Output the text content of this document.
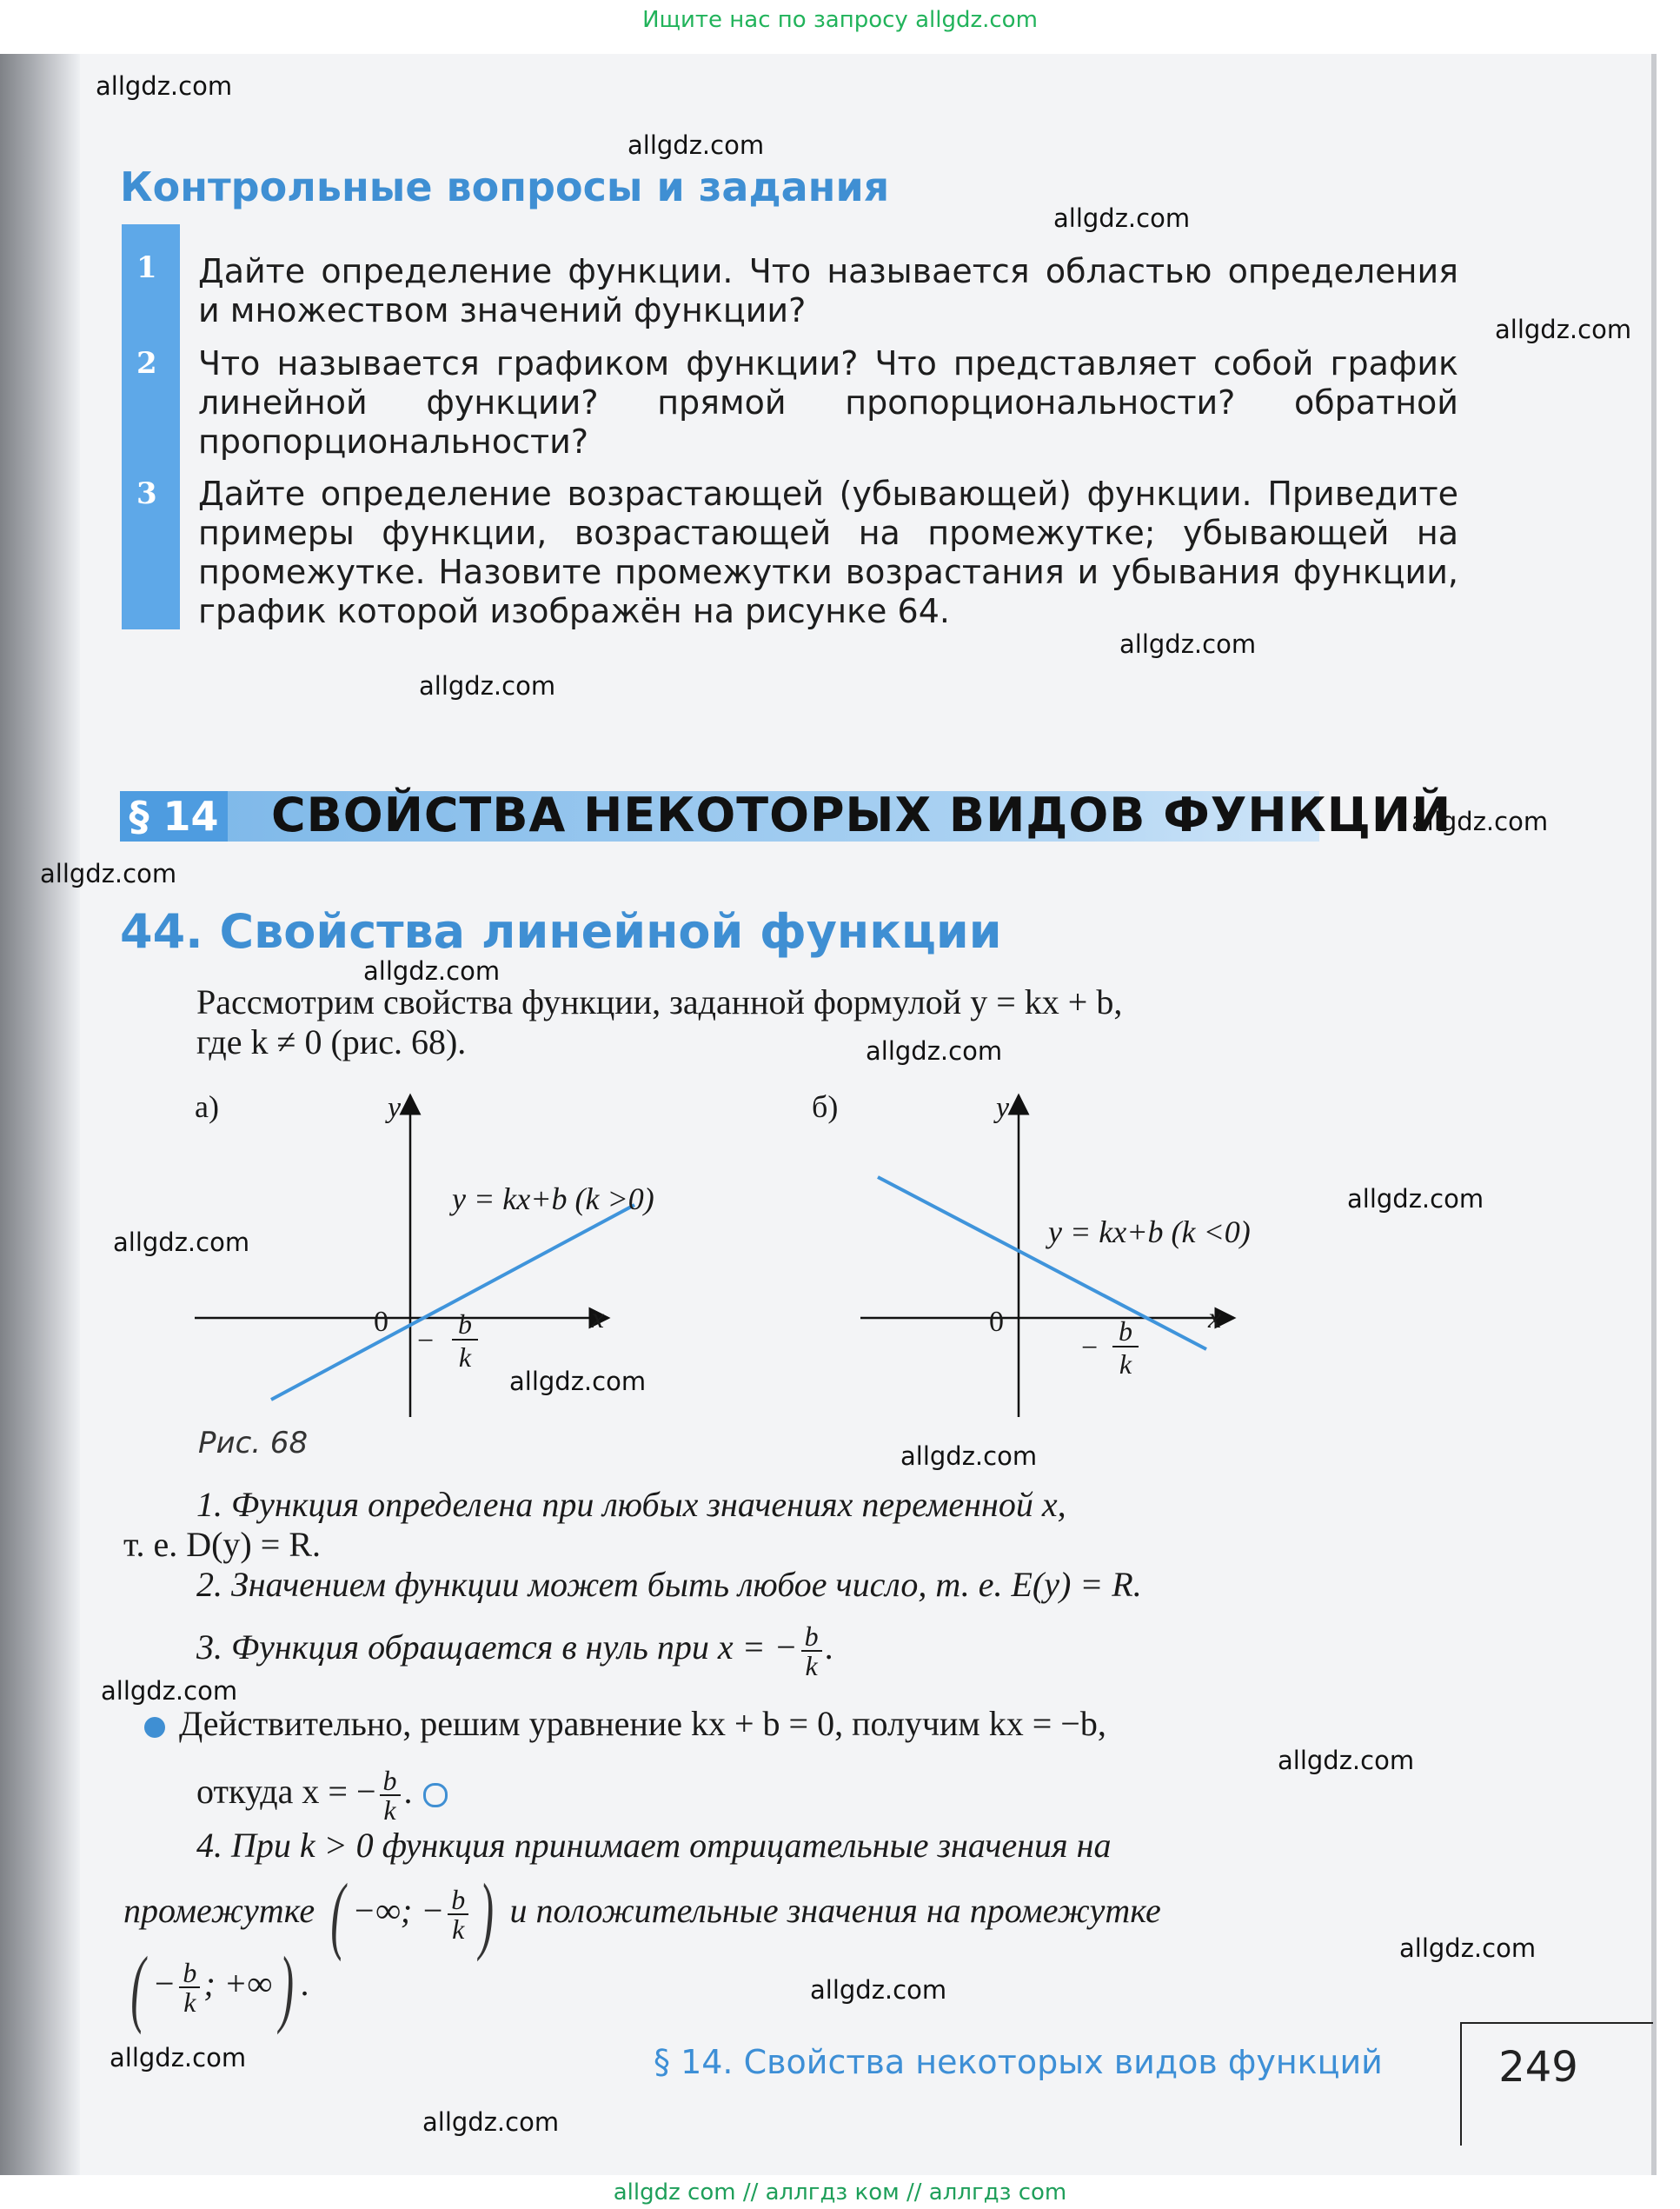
Ищите нас по запросу allgdz.com
Контрольные вопросы и задания
1
2
3
Дайте определение функции. Что называется областью определения и множеством значений функции?
Что называется графиком функции? Что представляет собой график линейной функции? прямой пропорциональности? обратной пропорциональности?
Дайте определение возрастающей (убывающей) функции. Приведите примеры функции, возрастающей на промежутке; убывающей на промежутке. Назовите промежутки возрастания и убывания функции, график которой изображён на рисунке 64.
§ 14 СВОЙСТВА НЕКОТОРЫХ ВИДОВ ФУНКЦИЙ
44. Свойства линейной функции
Рассмотрим свойства функции, заданной формулой y = kx + b,
где k ≠ 0 (рис. 68).
а)	y
x
0
y = kx+b (k >0)
−
b
k
б)	y
x
0
y = kx+b (k <0)
−
b
k
Рис. 68
1. Функция определена при любых значениях переменной x,
т. е. D(y) = R.
2. Значением функции может быть любое число, т. е. E(y) = R.
3. Функция обращается в нуль при x = − $\frac{b}{k}$ .
Действительно, решим уравнение kx + b = 0, получим kx = −b,
откуда x = − $\frac{b}{k}$ .
4. При k > 0 функция принимает отрицательные значения на
промежутке ( −∞; − $\frac{b}{k}$ ) и положительные значения на промежутке
( − $\frac{b}{k}$ ; +∞) .
§ 14. Свойства некоторых видов функций	249
allgdz.com
allgdz.com
allgdz.com
allgdz.com
allgdz.com
allgdz.com
allgdz.com
allgdz.com
allgdz.com
allgdz.com
allgdz.com
allgdz.com
allgdz.com
allgdz.com
allgdz.com
allgdz.com
allgdz.com
allgdz.com
allgdz.com
allgdz.com
allgdz com // аллгдз ком // аллгдз com
